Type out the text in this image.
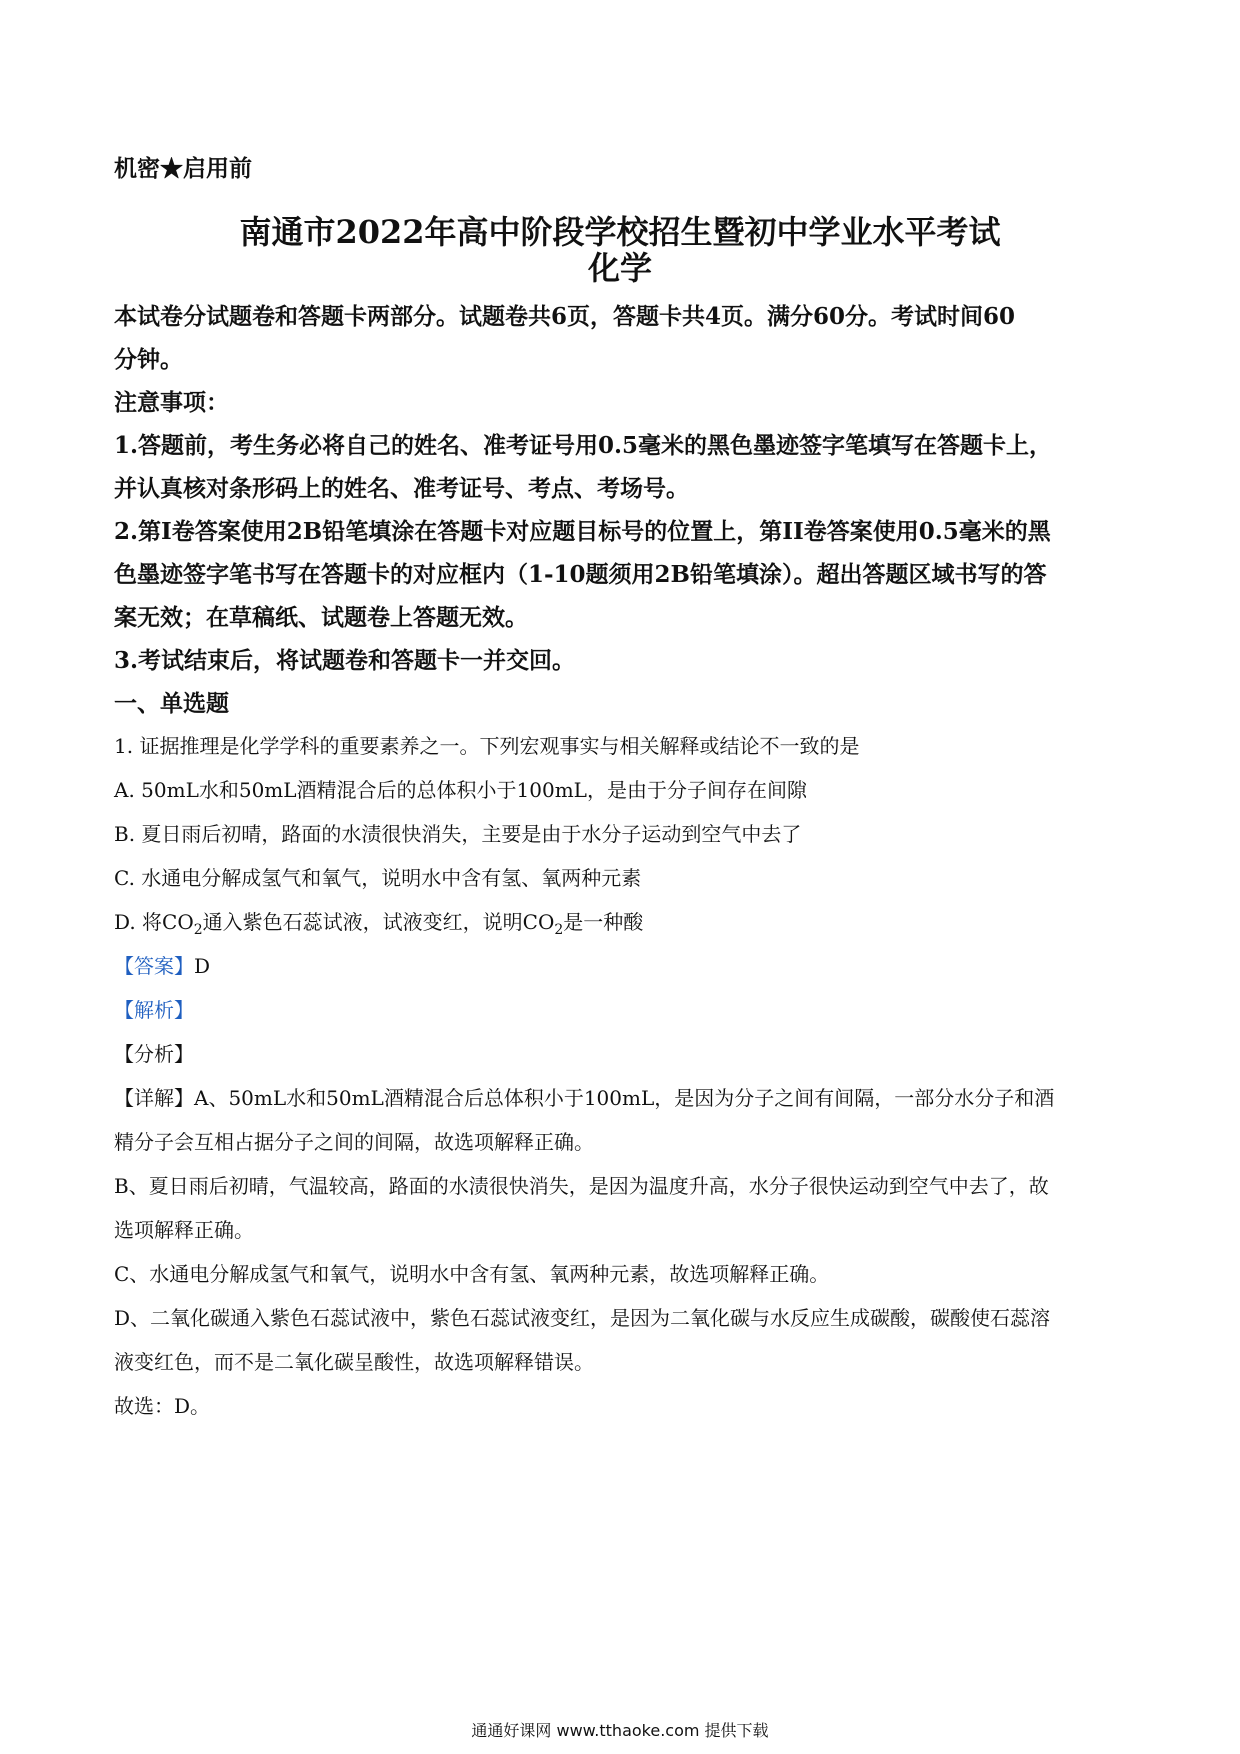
机密★启用前
南通市2022年高中阶段学校招生暨初中学业水平考试
化学
本试卷分试题卷和答题卡两部分。试题卷共6页，答题卡共4页。满分60分。考试时间60
分钟。
注意事项：
1.答题前，考生务必将自己的姓名、准考证号用0.5毫米的黑色墨迹签字笔填写在答题卡上，
并认真核对条形码上的姓名、准考证号、考点、考场号。
2.第I卷答案使用2B铅笔填涂在答题卡对应题目标号的位置上，第II卷答案使用0.5毫米的黑
色墨迹签字笔书写在答题卡的对应框内（1-10题须用2B铅笔填涂）。超出答题区域书写的答
案无效；在草稿纸、试题卷上答题无效。
3.考试结束后，将试题卷和答题卡一并交回。
一、单选题
1. 证据推理是化学学科的重要素养之一。下列宏观事实与相关解释或结论不一致的是
A. 50mL水和50mL酒精混合后的总体积小于100mL，是由于分子间存在间隙
B. 夏日雨后初晴，路面的水渍很快消失，主要是由于水分子运动到空气中去了
C. 水通电分解成氢气和氧气，说明水中含有氢、氧两种元素
D. 将$CO_2$通入紫色石蕊试液，试液变红，说明$CO_2$是一种酸
【答案】D
【解析】
【分析】
【详解】A、50mL水和50mL酒精混合后总体积小于100mL，是因为分子之间有间隔，一部分水分子和酒
精分子会互相占据分子之间的间隔，故选项解释正确。
B、夏日雨后初晴，气温较高，路面的水渍很快消失，是因为温度升高，水分子很快运动到空气中去了，故
选项解释正确。
C、水通电分解成氢气和氧气，说明水中含有氢、氧两种元素，故选项解释正确。
D、二氧化碳通入紫色石蕊试液中，紫色石蕊试液变红，是因为二氧化碳与水反应生成碳酸，碳酸使石蕊溶
液变红色，而不是二氧化碳呈酸性，故选项解释错误。
故选：D。
通通好课网 www.tthaoke.com 提供下载
